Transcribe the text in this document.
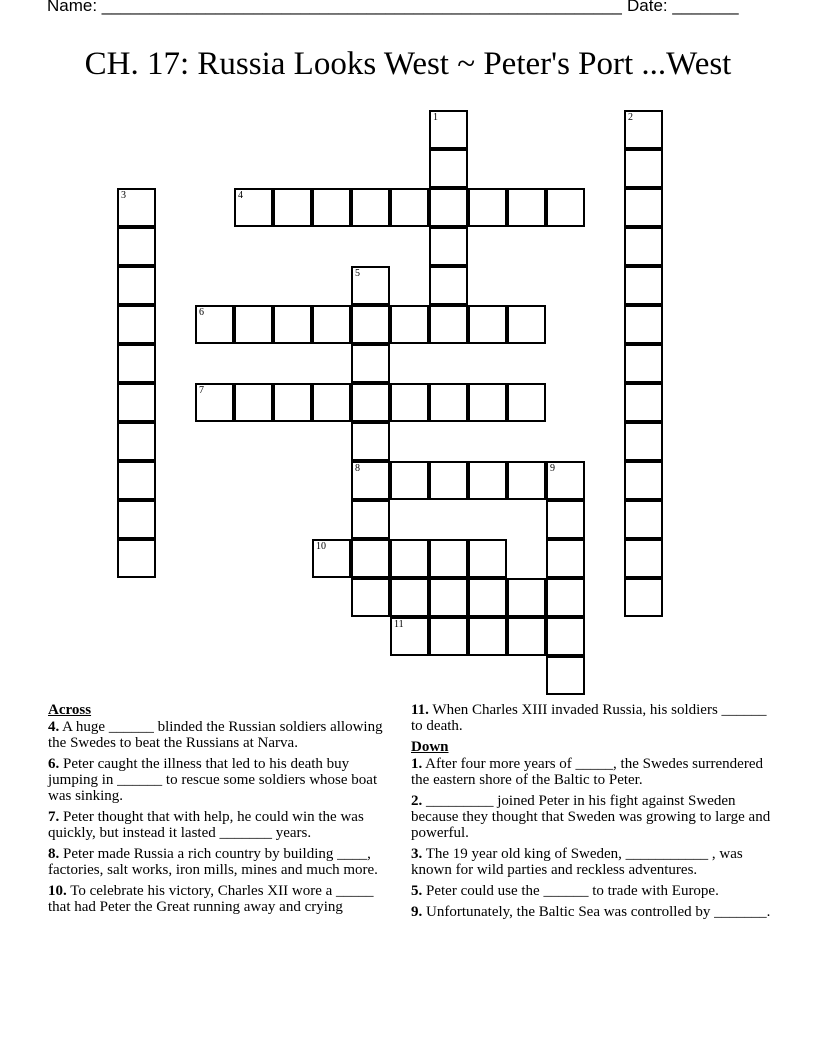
Name: _______________________________________________________ Date: _______
CH. 17: Russia Looks West ~ Peter's Port ...West
1	2
3	4
5
8
6
7
9
10
11
Across
4. A huge ______ blinded the Russian soldiers allowing the Swedes to beat the Russians at Narva.
6. Peter caught the illness that led to his death buy jumping in ______ to rescue some soldiers whose boat was sinking.
7. Peter thought that with help, he could win the was quickly, but instead it lasted _______ years.
8. Peter made Russia a rich country by building ____, factories, salt works, iron mills, mines and much more.
10. To celebrate his victory, Charles XII wore a _____ that had Peter the Great running away and crying
11. When Charles XIII invaded Russia, his soldiers ______ to death.
Down
1. After four more years of _____, the Swedes surrendered the eastern shore of the Baltic to Peter.
2. _________ joined Peter in his fight against Sweden because they thought that Sweden was growing to large and powerful.
3. The 19 year old king of Sweden, ___________ , was known for wild parties and reckless adventures.
5. Peter could use the ______ to trade with Europe.
9. Unfortunately, the Baltic Sea was controlled by _______.
